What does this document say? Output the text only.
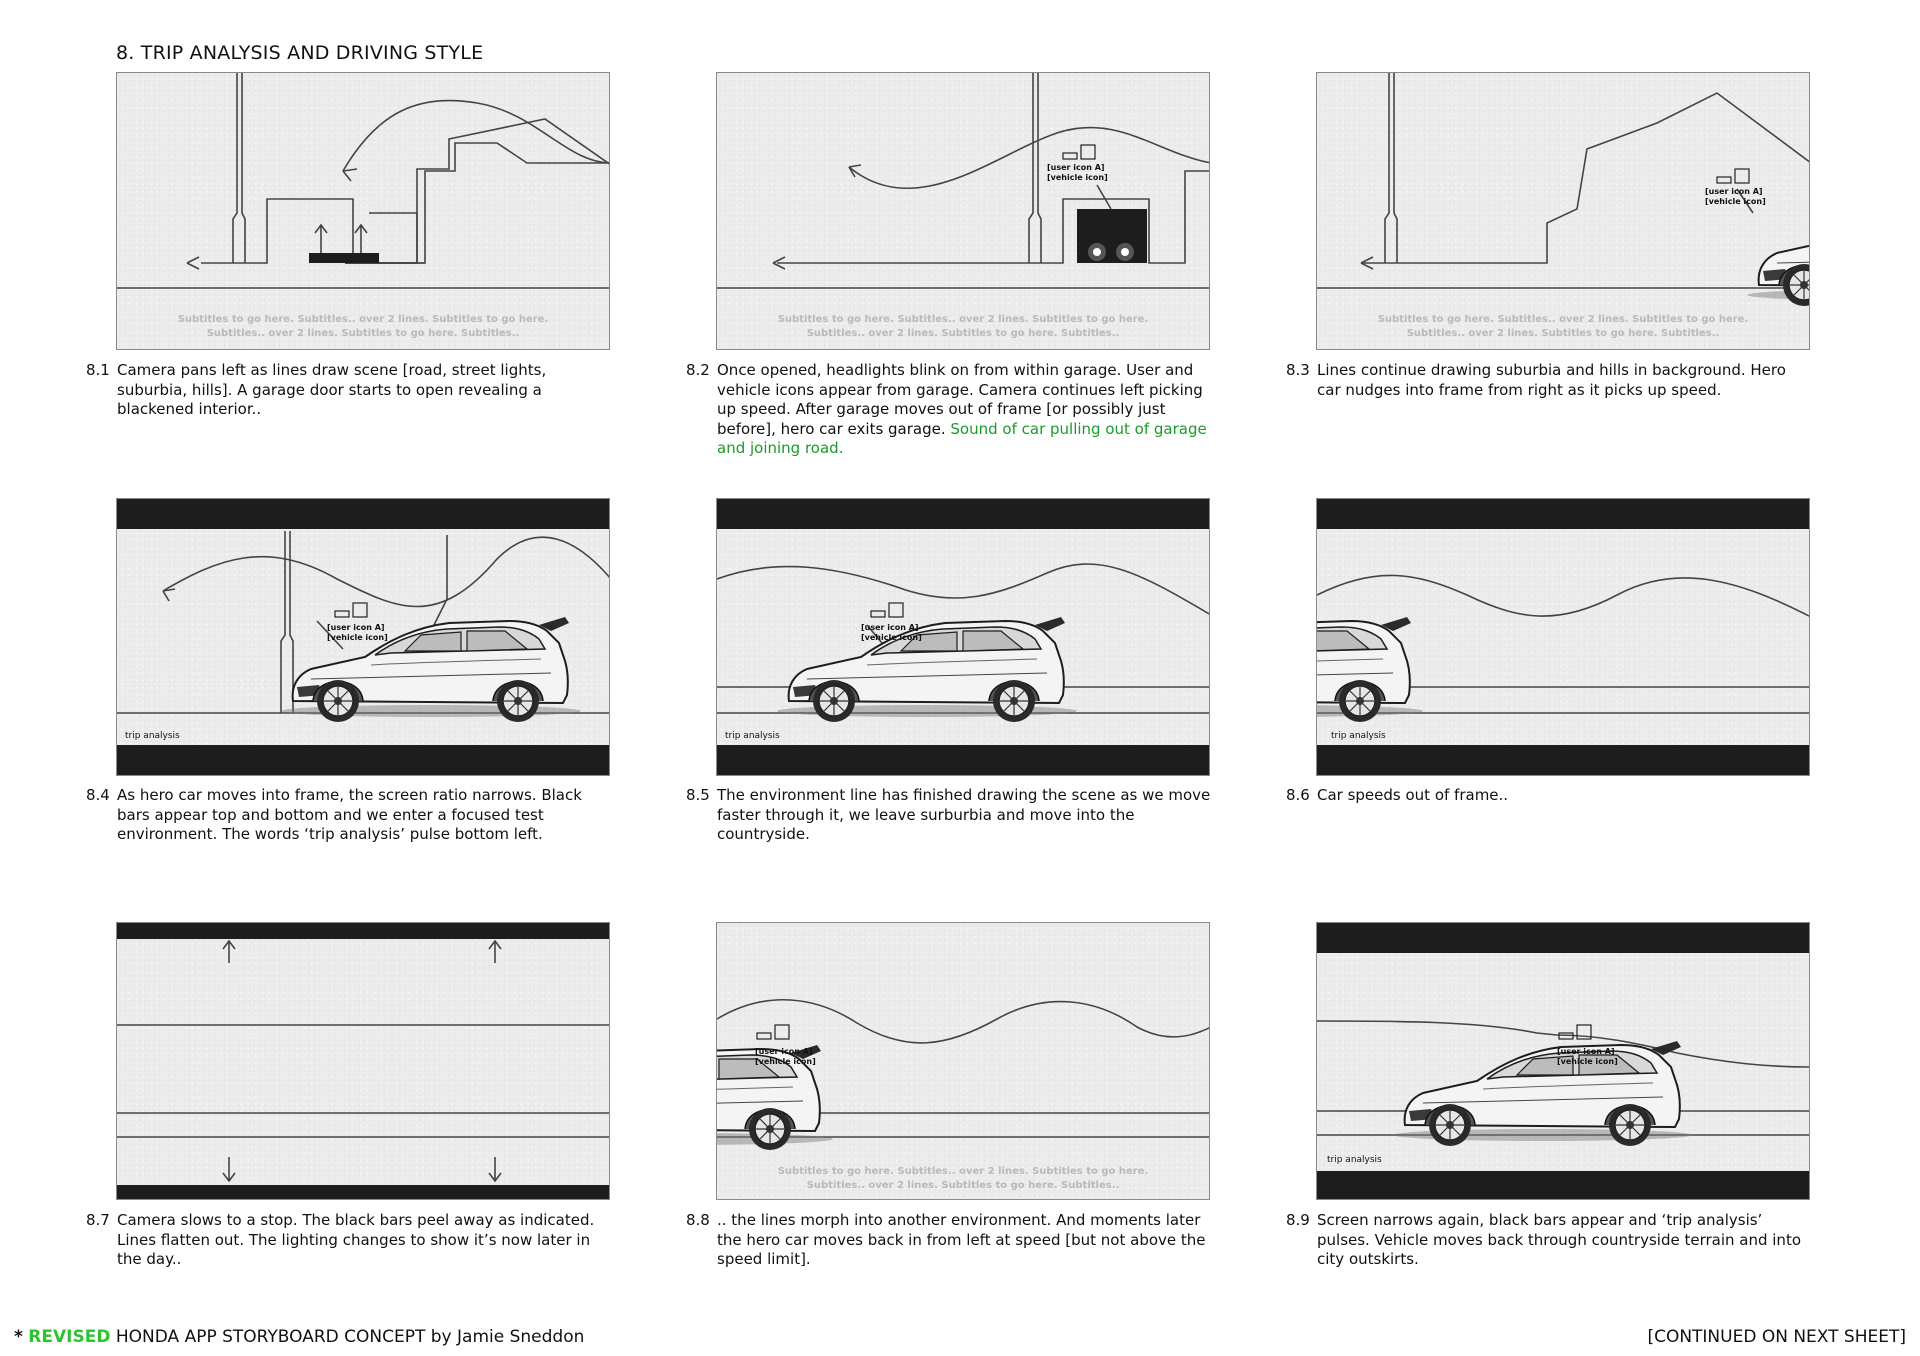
8. TRIP ANALYSIS AND DRIVING STYLE
Subtitles to go here. Subtitles.. over 2 lines. Subtitles to go here.
Subtitles.. over 2 lines. Subtitles to go here. Subtitles..
[user icon A]
[vehicle icon]
Subtitles to go here. Subtitles.. over 2 lines. Subtitles to go here.
Subtitles.. over 2 lines. Subtitles to go here. Subtitles..
[user icon A]
[vehicle icon]
Subtitles to go here. Subtitles.. over 2 lines. Subtitles to go here.
Subtitles.. over 2 lines. Subtitles to go here. Subtitles..
[user icon A]
[vehicle icon]
trip analysis
[user icon A]
[vehicle icon]
trip analysis	trip analysis
[user icon A]
[vehicle icon]
Subtitles to go here. Subtitles.. over 2 lines. Subtitles to go here.
Subtitles.. over 2 lines. Subtitles to go here. Subtitles..
[user icon A]
[vehicle icon]
trip analysis
8.1 Camera pans left as lines draw scene [road, street lights, suburbia, hills]. A garage door starts to open revealing a blackened interior..
8.2 Once opened, headlights blink on from within garage. User and vehicle icons appear from garage. Camera continues left picking up speed. After garage moves out of frame [or possibly just before], hero car exits garage. Sound of car pulling out of garage and joining road.
8.3 Lines continue drawing suburbia and hills in background. Hero car nudges into frame from right as it picks up speed.
8.4 As hero car moves into frame, the screen ratio narrows. Black bars appear top and bottom and we enter a focused test environment. The words ‘trip analysis’ pulse bottom left.
8.5 The environment line has finished drawing the scene as we move faster through it, we leave surburbia and move into the countryside.
8.6 Car speeds out of frame..
8.7 Camera slows to a stop. The black bars peel away as indicated. Lines flatten out. The lighting changes to show it’s now later in the day..
8.8 .. the lines morph into another environment. And moments later the hero car moves back in from left at speed [but not above the speed limit].
8.9 Screen narrows again, black bars appear and ‘trip analysis’ pulses. Vehicle moves back through countryside terrain and into city outskirts.
* REVISED HONDA APP STORYBOARD CONCEPT by Jamie Sneddon	[CONTINUED ON NEXT SHEET]
